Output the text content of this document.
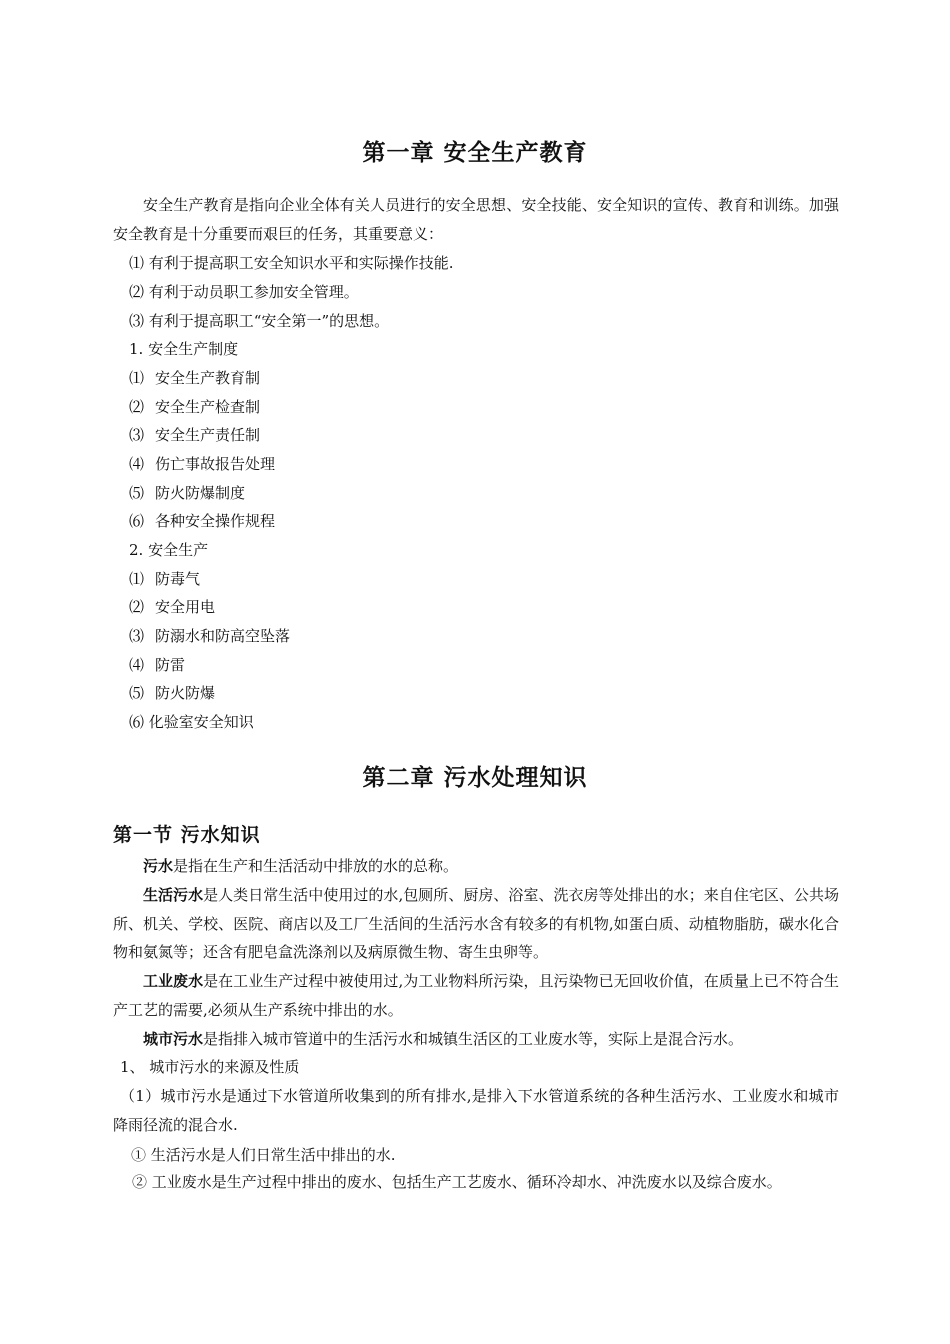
第一章 安全生产教育
安全生产教育是指向企业全体有关人员进行的安全思想、安全技能、安全知识的宣传、教育和训练。加强安全教育是十分重要而艰巨的任务，其重要意义：
⑴ 有利于提高职工安全知识水平和实际操作技能.
⑵ 有利于动员职工参加安全管理。
⑶ 有利于提高职工“安全第一”的思想。
1. 安全生产制度
⑴ 安全生产教育制
⑵ 安全生产检查制
⑶ 安全生产责任制
⑷ 伤亡事故报告处理
⑸ 防火防爆制度
⑹ 各种安全操作规程
2. 安全生产
⑴ 防毒气
⑵ 安全用电
⑶ 防溺水和防高空坠落
⑷ 防雷
⑸ 防火防爆
⑹ 化验室安全知识
第二章 污水处理知识
第一节 污水知识
污水是指在生产和生活活动中排放的水的总称。
生活污水是人类日常生活中使用过的水,包厕所、厨房、浴室、洗衣房等处排出的水；来自住宅区、公共场所、机关、学校、医院、商店以及工厂生活间的生活污水含有较多的有机物,如蛋白质、动植物脂肪，碳水化合物和氨氮等；还含有肥皂盒洗涤剂以及病原微生物、寄生虫卵等。
工业废水是在工业生产过程中被使用过,为工业物料所污染，且污染物已无回收价值，在质量上已不符合生产工艺的需要,必须从生产系统中排出的水。
城市污水是指排入城市管道中的生活污水和城镇生活区的工业废水等，实际上是混合污水。
1、 城市污水的来源及性质
（1）城市污水是通过下水管道所收集到的所有排水,是排入下水管道系统的各种生活污水、工业废水和城市降雨径流的混合水.
① 生活污水是人们日常生活中排出的水.
② 工业废水是生产过程中排出的废水、包括生产工艺废水、循环冷却水、冲洗废水以及综合废水。
